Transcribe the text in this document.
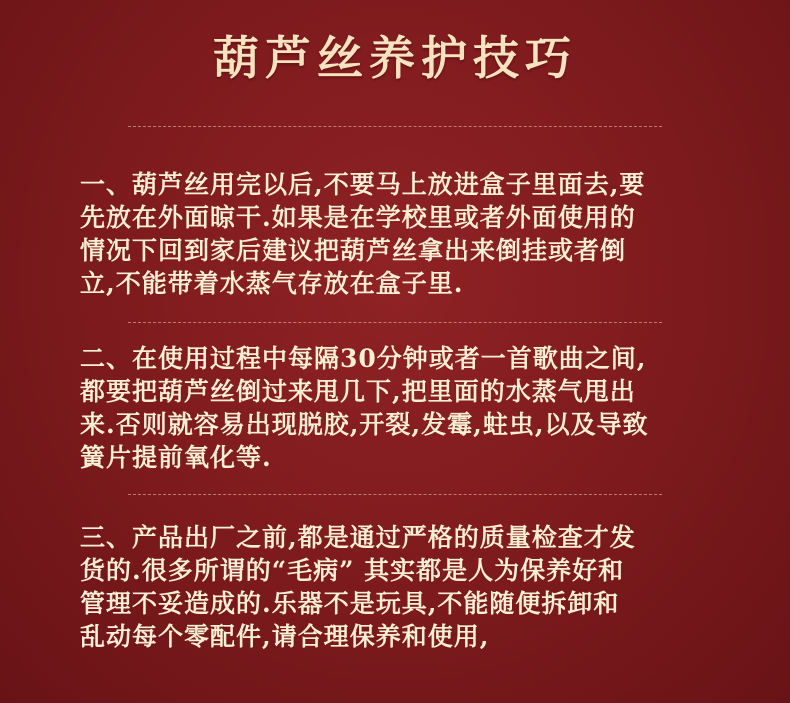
葫芦丝养护技巧

一、葫芦丝用完以后,不要马上放进盒子里面去,要

先放在外面晾干.如果是在学校里或者外面使用的

情况下回到家后建议把葫芦丝拿出来倒挂或者倒

立,不能带着水蒸气存放在盒子里.

二、在使用过程中每隔30分钟或者一首歌曲之间,

都要把葫芦丝倒过来甩几下,把里面的水蒸气甩出

来.否则就容易出现脱胶,开裂,发霉,蛀虫,以及导致

簧片提前氧化等.

三、产品出厂之前,都是通过严格的质量检查才发

货的.很多所谓的“毛病” 其实都是人为保养好和

管理不妥造成的.乐器不是玩具,不能随便拆卸和

乱动每个零配件,请合理保养和使用,
